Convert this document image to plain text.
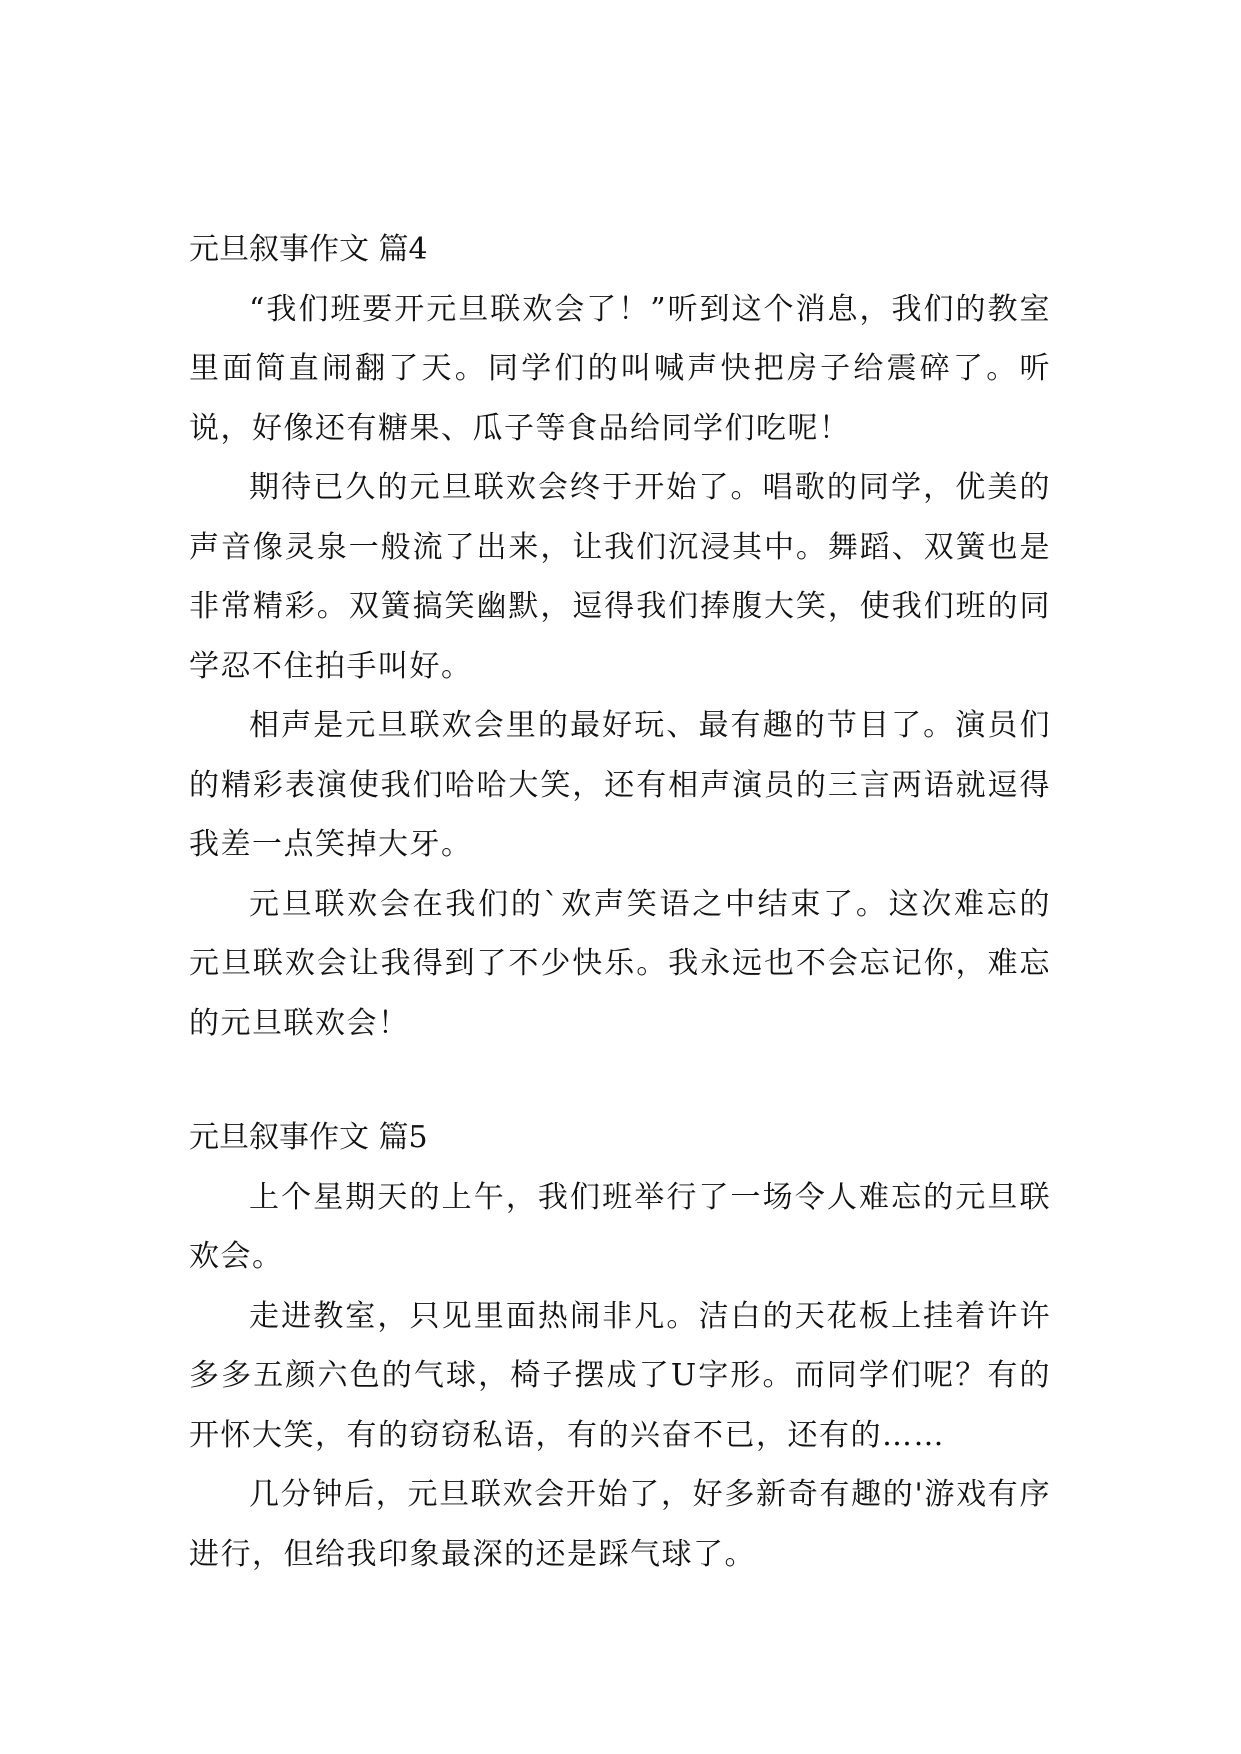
元旦叙事作文 篇4

“我们班要开元旦联欢会了！”听到这个消息，我们的教室里面简直闹翻了天。同学们的叫喊声快把房子给震碎了。听说，好像还有糖果、瓜子等食品给同学们吃呢！

期待已久的元旦联欢会终于开始了。唱歌的同学，优美的声音像灵泉一般流了出来，让我们沉浸其中。舞蹈、双簧也是非常精彩。双簧搞笑幽默，逗得我们捧腹大笑，使我们班的同学忍不住拍手叫好。

相声是元旦联欢会里的最好玩、最有趣的节目了。演员们的精彩表演使我们哈哈大笑，还有相声演员的三言两语就逗得我差一点笑掉大牙。

元旦联欢会在我们的`欢声笑语之中结束了。这次难忘的元旦联欢会让我得到了不少快乐。我永远也不会忘记你，难忘的元旦联欢会！

元旦叙事作文 篇5

上个星期天的上午，我们班举行了一场令人难忘的元旦联欢会。

走进教室，只见里面热闹非凡。洁白的天花板上挂着许许多多五颜六色的气球，椅子摆成了U字形。而同学们呢？有的开怀大笑，有的窃窃私语，有的兴奋不已，还有的……

几分钟后，元旦联欢会开始了，好多新奇有趣的'游戏有序进行，但给我印象最深的还是踩气球了。
